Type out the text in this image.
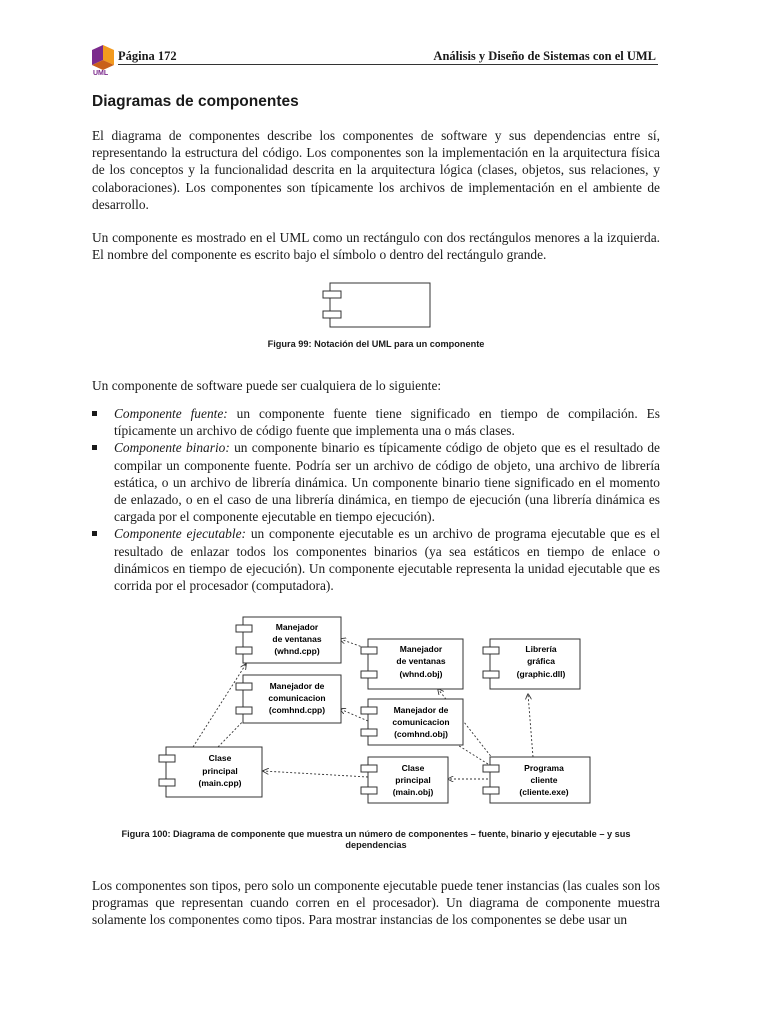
UML
Página 172	Análisis y Diseño de Sistemas con el UML
Diagramas de componentes

El diagrama de componentes describe los componentes de software y sus dependencias entre sí, representando la estructura del código. Los componentes son la implementación en la arquitectura física de los conceptos y la funcionalidad descrita en la arquitectura lógica (clases, objetos, sus relaciones, y colaboraciones). Los componentes son típicamente los archivos de implementación en el ambiente de desarrollo.

Un componente es mostrado en el UML como un rectángulo con dos rectángulos menores a la izquierda. El nombre del componente es escrito bajo el símbolo o dentro del rectángulo grande.

Figura 99: Notación del UML para un componente

Un componente de software puede ser cualquiera de lo siguiente:

Componente fuente: un componente fuente tiene significado en tiempo de compilación. Es típicamente un archivo de código fuente que implementa una o más clases.
Componente binario: un componente binario es típicamente código de objeto que es el resultado de compilar un componente fuente. Podría ser un archivo de código de objeto, una archivo de librería estática, o un archivo de librería dinámica. Un componente binario tiene significado en el momento de enlazado, o en el caso de una librería dinámica, en tiempo de ejecución (una librería dinámica es cargada por el componente ejecutable en tiempo ejecución).
Componente ejecutable: un componente ejecutable es un archivo de programa ejecutable que es el resultado de enlazar todos los componentes binarios (ya sea estáticos en tiempo de enlace o dinámicos en tiempo de ejecución). Un componente ejecutable representa la unidad ejecutable que es corrida por el procesador (computadora).
Manejador
de ventanas
(whnd.cpp)
Manejador de
comunicacion
(comhnd.cpp)
Clase
principal
(main.cpp)
Manejador
de ventanas
(whnd.obj)
Manejador de
comunicacion
(comhnd.obj)
Clase
principal
(main.obj)
Librería
gráfica
(graphic.dll)
Programa
cliente
(cliente.exe)

Figura 100: Diagrama de componente que muestra un número de componentes – fuente, binario y ejecutable – y sus dependencias

Los componentes son tipos, pero solo un componente ejecutable puede tener instancias (las cuales son los programas que representan cuando corren en el procesador). Un diagrama de componente muestra solamente los componentes como tipos. Para mostrar instancias de los componentes se debe usar un
